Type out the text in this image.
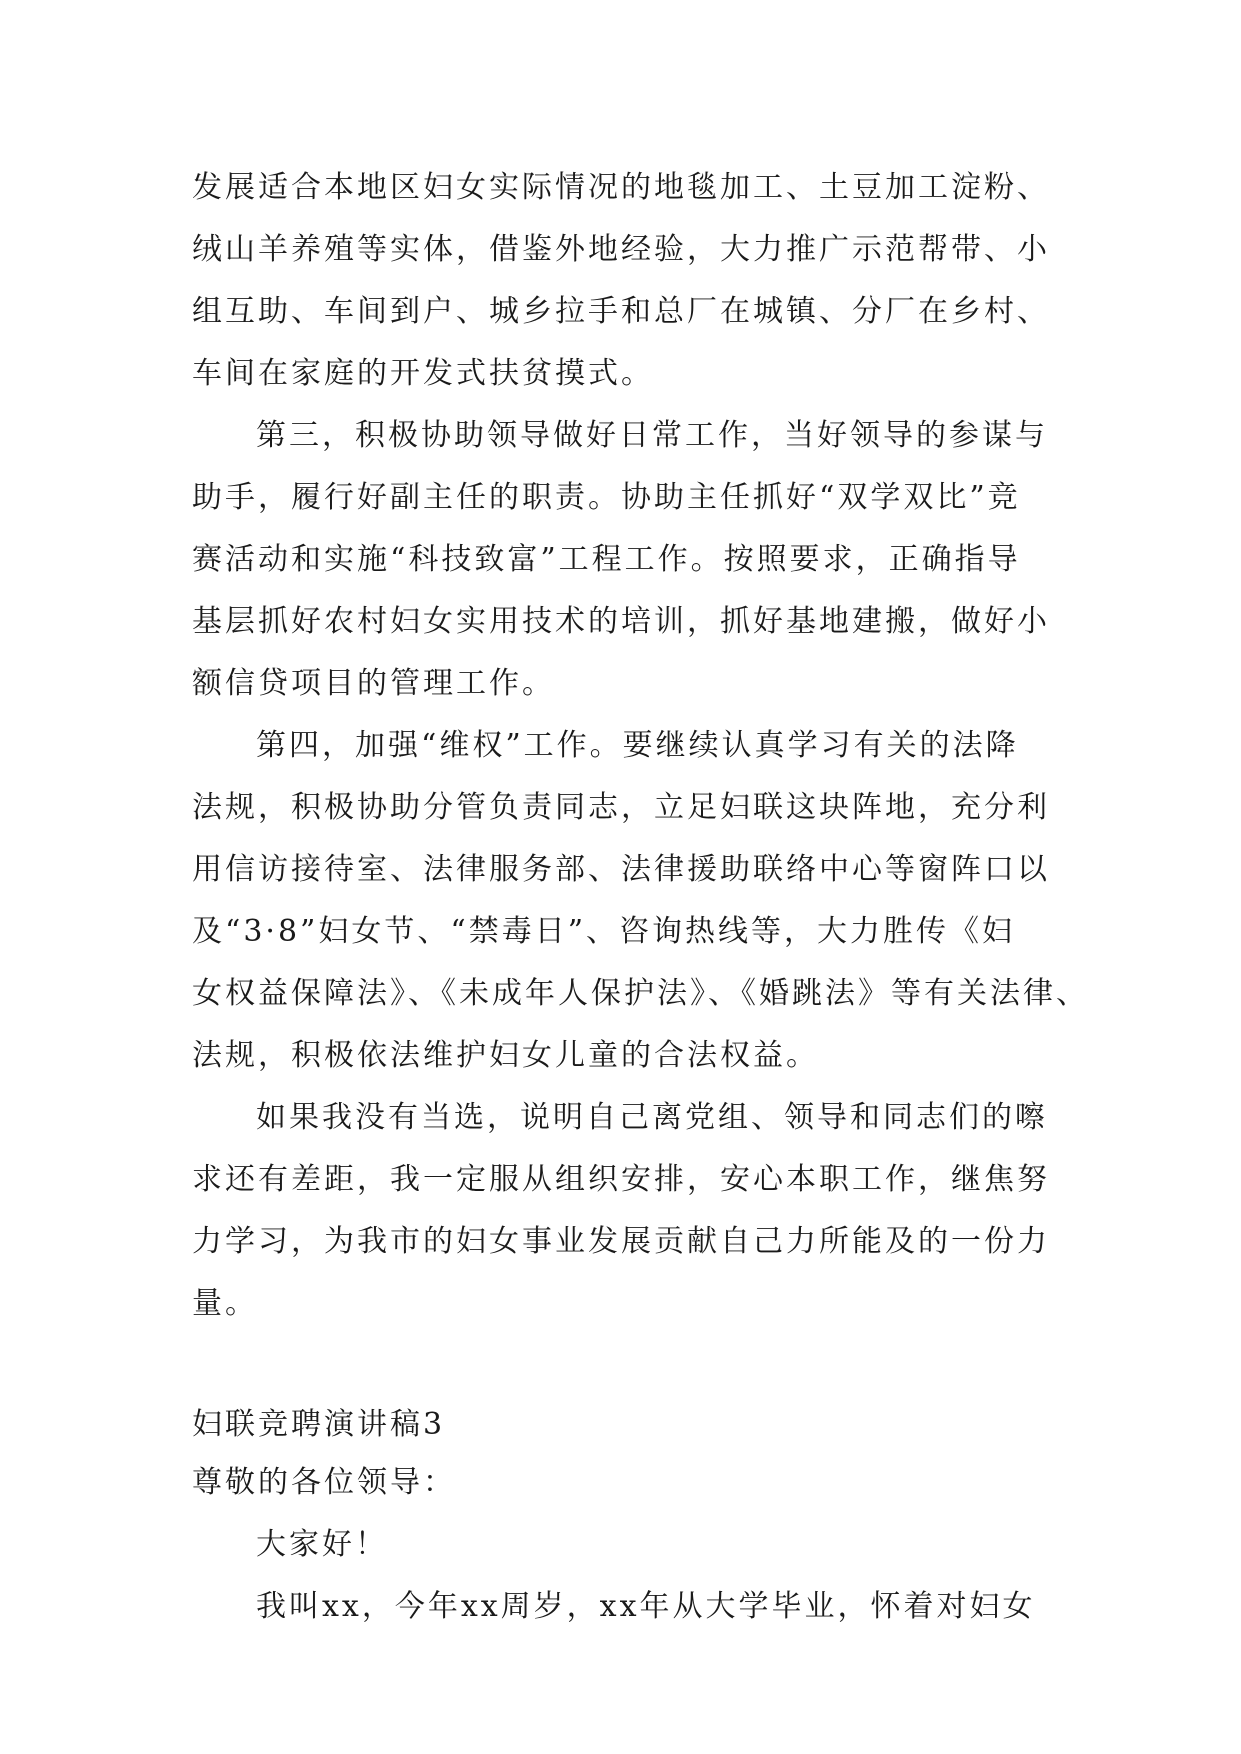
发展适合本地区妇女实际情况的地毯加工、土豆加工淀粉、
绒山羊养殖等实体，借鉴外地经验，大力推广示范帮带、小
组互助、车间到户、城乡拉手和总厂在城镇、分厂在乡村、
车间在家庭的开发式扶贫摸式。
第三，积极协助领导做好日常工作，当好领导的参谋与
助手，履行好副主任的职责。协助主任抓好“双学双比”竞
赛活动和实施“科技致富”工程工作。按照要求，正确指导
基层抓好农村妇女实用技术的培训，抓好基地建搬，做好小
额信贷项目的管理工作。
第四，加强“维权”工作。要继续认真学习有关的法降
法规，积极协助分管负责同志，立足妇联这块阵地，充分利
用信访接待室、法律服务部、法律援助联络中心等窗阵口以
及“3·8”妇女节、“禁毒日”、咨询热线等，大力胜传《妇
女权益保障法》、《未成年人保护法》、《婚跳法》等有关法律、
法规，积极依法维护妇女儿童的合法权益。
如果我没有当选，说明自己离党组、领导和同志们的嚓
求还有差距，我一定服从组织安排，安心本职工作，继焦努
力学习，为我市的妇女事业发展贡献自己力所能及的一份力
量。
妇联竞聘演讲稿3
尊敬的各位领导：
大家好！
我叫xx，今年xx周岁，xx年从大学毕业，怀着对妇女
